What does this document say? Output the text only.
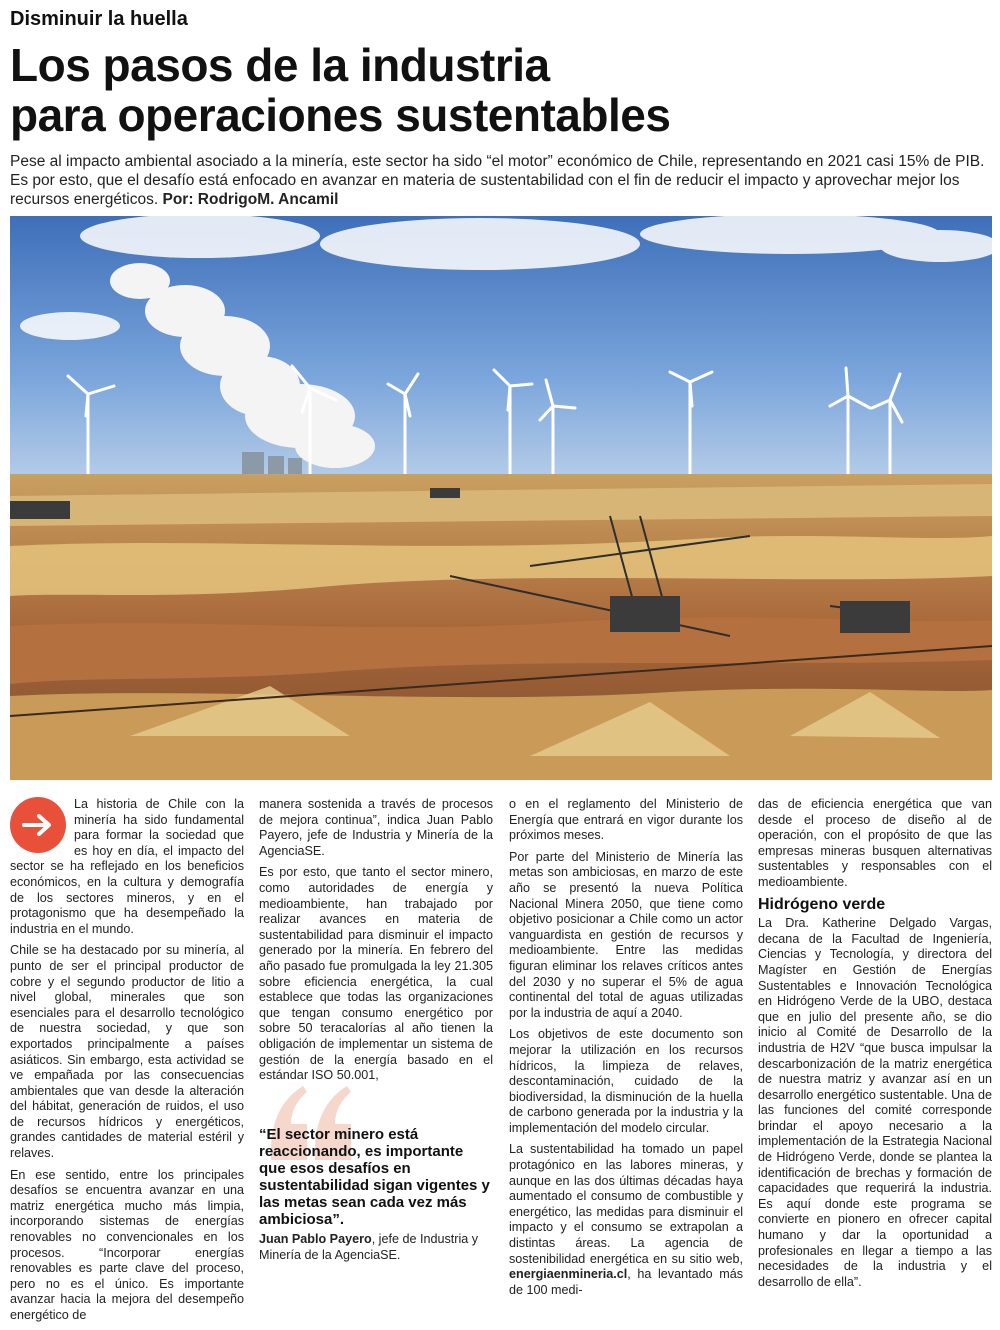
Disminuir la huella
Los pasos de la industria
para operaciones sustentables

Pese al impacto ambiental asociado a la minería, este sector ha sido “el motor” económico de Chile, representando en 2021 casi 15% de PIB. Es por esto, que el desafío está enfocado en avanzar en materia de sustentabilidad con el fin de reducir el impacto y aprovechar mejor los recursos energéticos. Por: RodrigoM. Ancamil

La historia de Chile con la minería ha sido fundamental para formar la sociedad que es hoy en día, el impacto del sector se ha reflejado en los beneficios económicos, en la cultura y demografía de los sectores mineros, y en el protagonismo que ha desempeñado la industria en el mundo.

Chile se ha destacado por su minería, al punto de ser el principal productor de cobre y el segundo productor de litio a nivel global, minerales que son esenciales para el desarrollo tecnológico de nuestra sociedad, y que son exportados principalmente a países asiáticos. Sin embargo, esta actividad se ve empañada por las consecuencias ambientales que van desde la alteración del hábitat, generación de ruidos, el uso de recursos hídricos y energéticos, grandes cantidades de material estéril y relaves.

En ese sentido, entre los principales desafíos se encuentra avanzar en una matriz energética mucho más limpia, incorporando sistemas de energías renovables no convencionales en los procesos. “Incorporar energías renovables es parte clave del proceso, pero no es el único. Es importante avanzar hacia la mejora del desempeño energético de

manera sostenida a través de procesos de mejora continua”, indica Juan Pablo Payero, jefe de Industria y Minería de la AgenciaSE.

Es por esto, que tanto el sector minero, como autoridades de energía y medioambiente, han trabajado por realizar avances en materia de sustentabilidad para disminuir el impacto generado por la minería. En febrero del año pasado fue promulgada la ley 21.305 sobre eficiencia energética, la cual establece que todas las organizaciones que tengan consumo energético por sobre 50 teracalorías al año tienen la obligación de implementar un sistema de gestión de la energía basado en el estándar ISO 50.001,

“El sector minero está reaccionando, es importante que esos desafíos en sustentabilidad sigan vigentes y las metas sean cada vez más ambiciosa”.
Juan Pablo Payero, jefe de Industria y Minería de la AgenciaSE.

o en el reglamento del Ministerio de Energía que entrará en vigor durante los próximos meses.

Por parte del Ministerio de Minería las metas son ambiciosas, en marzo de este año se presentó la nueva Política Nacional Minera 2050, que tiene como objetivo posicionar a Chile como un actor vanguardista en gestión de recursos y medioambiente. Entre las medidas figuran eliminar los relaves críticos antes del 2030 y no superar el 5% de agua continental del total de aguas utilizadas por la industria de aquí a 2040.

Los objetivos de este documento son mejorar la utilización en los recursos hídricos, la limpieza de relaves, descontaminación, cuidado de la biodiversidad, la disminución de la huella de carbono generada por la industria y la implementación del modelo circular.

La sustentabilidad ha tomado un papel protagónico en las labores mineras, y aunque en las dos últimas décadas haya aumentado el consumo de combustible y energético, las medidas para disminuir el impacto y el consumo se extrapolan a distintas áreas. La agencia de sostenibilidad energética en su sitio web, energiaenmineria.cl, ha levantado más de 100 medi-

das de eficiencia energética que van desde el proceso de diseño al de operación, con el propósito de que las empresas mineras busquen alternativas sustentables y responsables con el medioambiente.

Hidrógeno verde

La Dra. Katherine Delgado Vargas, decana de la Facultad de Ingeniería, Ciencias y Tecnología, y directora del Magíster en Gestión de Energías Sustentables e Innovación Tecnológica en Hidrógeno Verde de la UBO, destaca que en julio del presente año, se dio inicio al Comité de Desarrollo de la industria de H2V “que busca impulsar la descarbonización de la matriz energética de nuestra matriz y avanzar así en un desarrollo energético sustentable. Una de las funciones del comité corresponde brindar el apoyo necesario a la implementación de la Estrategia Nacional de Hidrógeno Verde, donde se plantea la identificación de brechas y formación de capacidades que requerirá la industria. Es aquí donde este programa se convierte en pionero en ofrecer capital humano y dar la oportunidad a profesionales en llegar a tiempo a las necesidades de la industria y el desarrollo de ella”.
